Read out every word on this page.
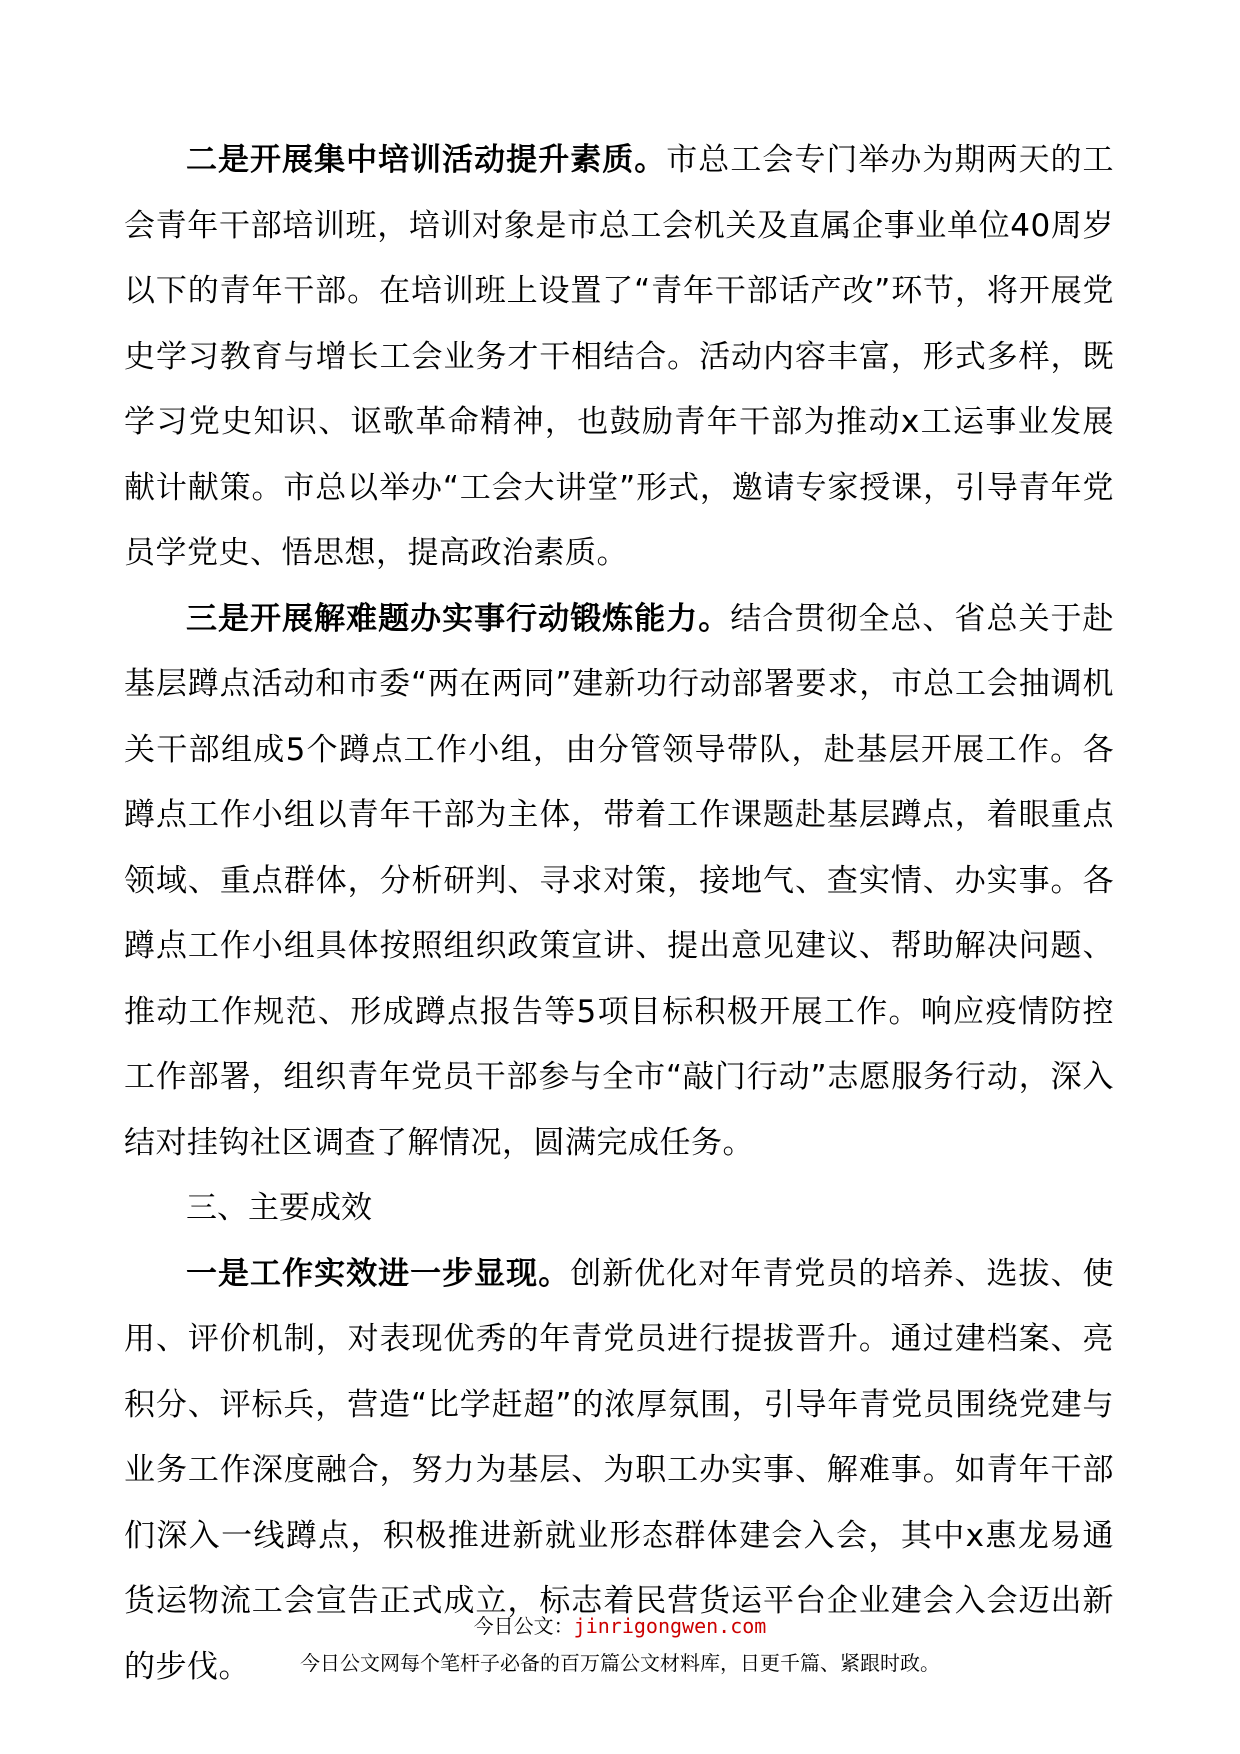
二是开展集中培训活动提升素质。市总工会专门举办为期两天的工会青年干部培训班，培训对象是市总工会机关及直属企事业单位40周岁以下的青年干部。在培训班上设置了“青年干部话产改”环节，将开展党史学习教育与增长工会业务才干相结合。活动内容丰富，形式多样，既学习党史知识、讴歌革命精神，也鼓励青年干部为推动x工运事业发展献计献策。市总以举办“工会大讲堂”形式，邀请专家授课，引导青年党员学党史、悟思想，提高政治素质。

三是开展解难题办实事行动锻炼能力。结合贯彻全总、省总关于赴基层蹲点活动和市委“两在两同”建新功行动部署要求，市总工会抽调机关干部组成5个蹲点工作小组，由分管领导带队，赴基层开展工作。各蹲点工作小组以青年干部为主体，带着工作课题赴基层蹲点，着眼重点领域、重点群体，分析研判、寻求对策，接地气、查实情、办实事。各蹲点工作小组具体按照组织政策宣讲、提出意见建议、帮助解决问题、推动工作规范、形成蹲点报告等5项目标积极开展工作。响应疫情防控工作部署，组织青年党员干部参与全市“敲门行动”志愿服务行动，深入结对挂钩社区调查了解情况，圆满完成任务。

三、主要成效

一是工作实效进一步显现。创新优化对年青党员的培养、选拔、使用、评价机制，对表现优秀的年青党员进行提拔晋升。通过建档案、亮积分、评标兵，营造“比学赶超”的浓厚氛围，引导年青党员围绕党建与业务工作深度融合，努力为基层、为职工办实事、解难事。如青年干部们深入一线蹲点，积极推进新就业形态群体建会入会，其中x惠龙易通货运物流工会宣告正式成立，标志着民营货运平台企业建会入会迈出新的步伐。

今日公文：jinrigongwen.com
今日公文网每个笔杆子必备的百万篇公文材料库，日更千篇、紧跟时政。
